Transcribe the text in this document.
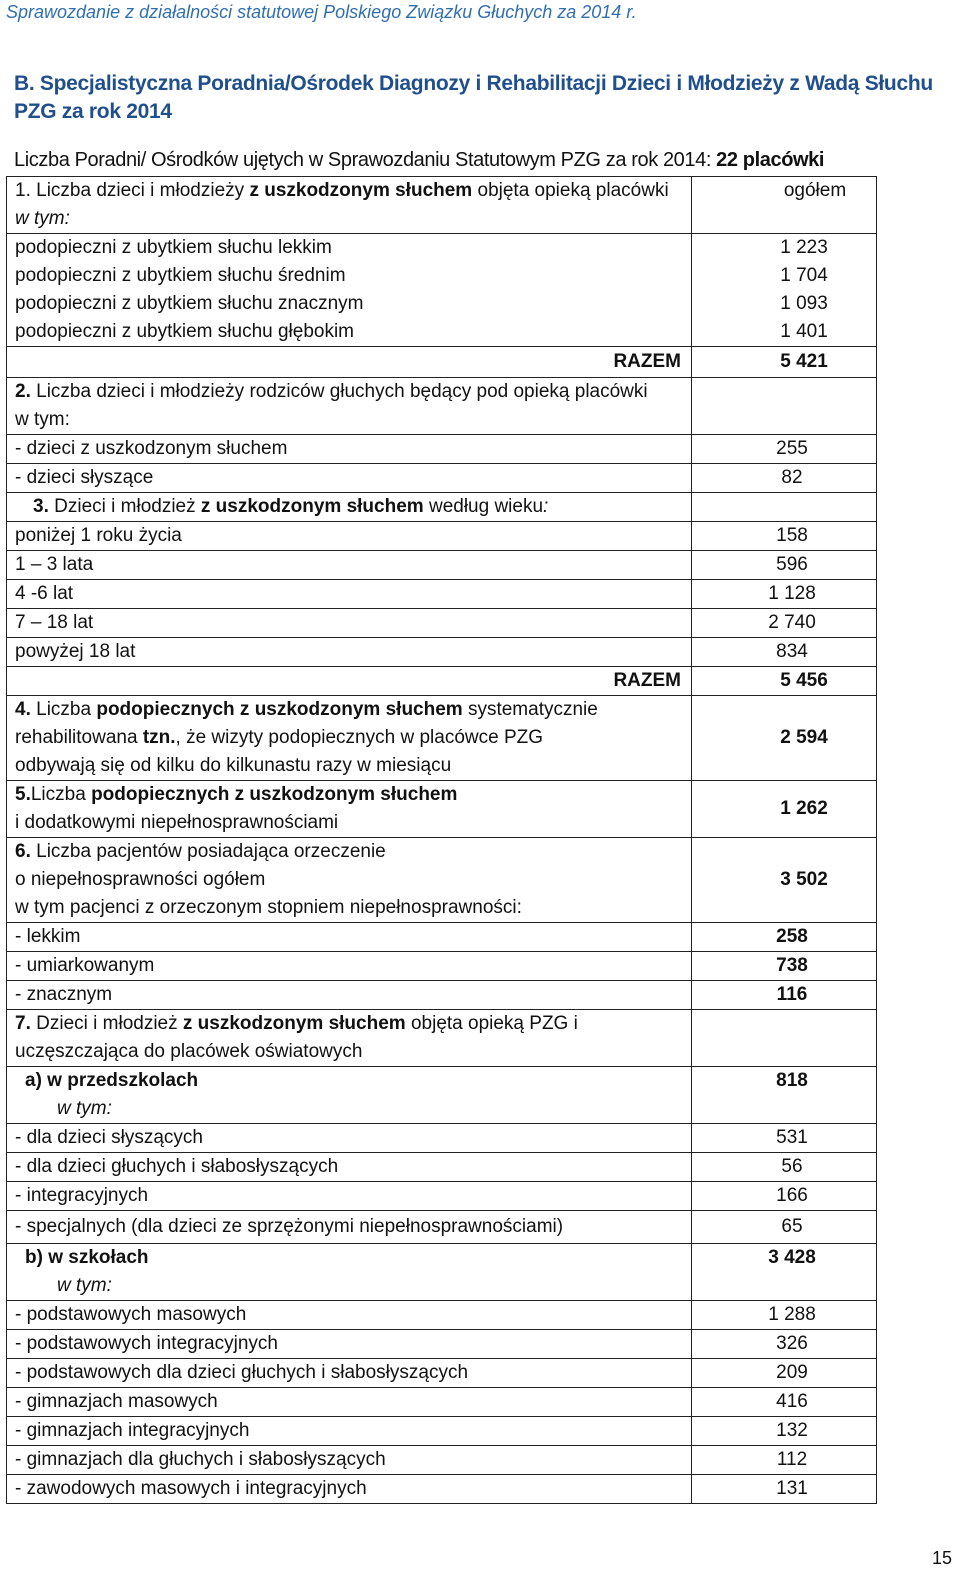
Sprawozdanie z działalności statutowej Polskiego Związku Głuchych za 2014 r.
B. Specjalistyczna Poradnia/Ośrodek Diagnozy i Rehabilitacji Dzieci i Młodzieży z Wadą Słuchu PZG za rok 2014
Liczba Poradni/ Ośrodków ujętych w Sprawozdaniu Statutowym PZG za rok 2014: 22 placówki
1. Liczba dzieci i młodzieży z uszkodzonym słuchem objęta opieką placówki	ogółem
w tym:	
podopieczni z ubytkiem słuchu lekkim	1 223
podopieczni z ubytkiem słuchu średnim	1 704
podopieczni z ubytkiem słuchu znacznym	1 093
podopieczni z ubytkiem słuchu głębokim	1 401
RAZEM	5 421
2. Liczba dzieci i młodzieży rodziców głuchych będący pod opieką placówki	
w tym:	
- dzieci z uszkodzonym słuchem	255
- dzieci słyszące	82
3. Dzieci i młodzież z uszkodzonym słuchem według wieku:	
poniżej 1 roku życia	158
1 – 3 lata	596
4 -6 lat	1 128
7 – 18 lat	2 740
powyżej 18 lat	834
RAZEM	5 456
4. Liczba podopiecznych z uszkodzonym słuchem systematycznie
rehabilitowana tzn., że wizyty podopiecznych w placówce PZG
odbywają się od kilku do kilkunastu razy w miesiącu	2 594
5.Liczba podopiecznych z uszkodzonym słuchem
i dodatkowymi niepełnosprawnościami	1 262
6. Liczba pacjentów posiadająca orzeczenie
o niepełnosprawności ogółem
w tym pacjenci z orzeczonym stopniem niepełnosprawności:	3 502
- lekkim	258
- umiarkowanym	738
- znacznym	116
7. Dzieci i młodzież z uszkodzonym słuchem objęta opieką PZG i
uczęszczająca do placówek oświatowych	
a) w przedszkolach	818
w tym:	
- dla dzieci słyszących	531
- dla dzieci głuchych i słabosłyszących	56
- integracyjnych	166
- specjalnych (dla dzieci ze sprzężonymi niepełnosprawnościami)	65
b) w szkołach	3 428
w tym:	
- podstawowych masowych	1 288
- podstawowych integracyjnych	326
- podstawowych dla dzieci głuchych i słabosłyszących	209
- gimnazjach masowych	416
- gimnazjach integracyjnych	132
- gimnazjach dla głuchych i słabosłyszących	112
- zawodowych masowych i integracyjnych	131
15
